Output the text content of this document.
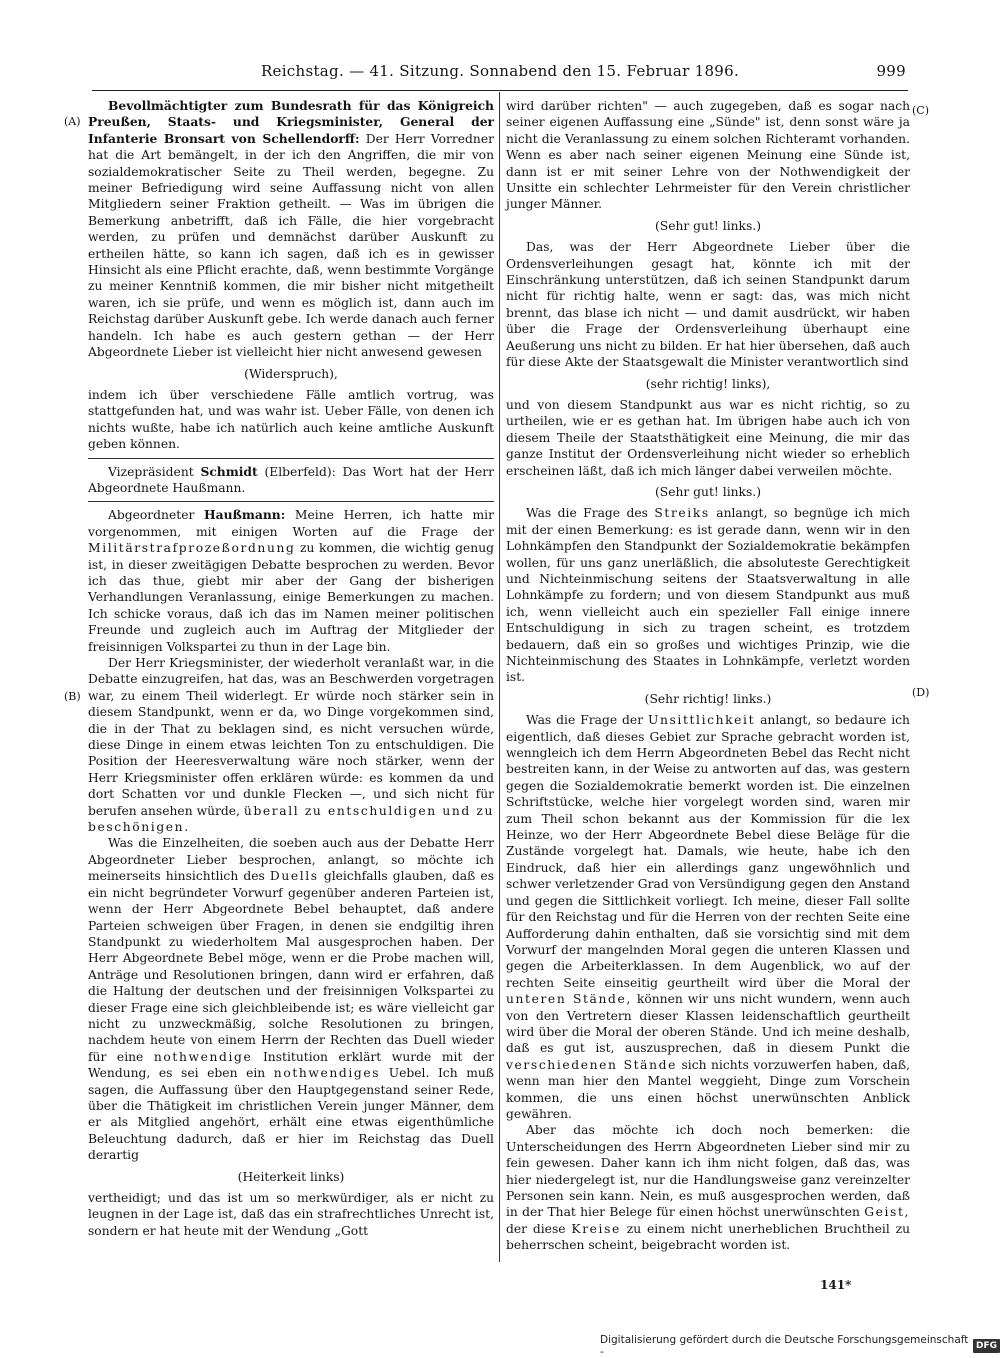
Reichstag. — 41. Sitzung. Sonnabend den 15. Februar 1896.	999
(A)
(B)
(C)
(D)

Bevollmächtigter zum Bundesrath für das Königreich Preußen, Staats- und Kriegsminister, General der Infanterie Bronsart von Schellendorff: Der Herr Vorredner hat die Art bemängelt, in der ich den Angriffen, die mir von sozialdemokratischer Seite zu Theil werden, begegne. Zu meiner Befriedigung wird seine Auffassung nicht von allen Mitgliedern seiner Fraktion getheilt. — Was im übrigen die Bemerkung anbetrifft, daß ich Fälle, die hier vorgebracht werden, zu prüfen und demnächst darüber Auskunft zu ertheilen hätte, so kann ich sagen, daß ich es in gewisser Hinsicht als eine Pflicht erachte, daß, wenn bestimmte Vorgänge zu meiner Kenntniß kommen, die mir bisher nicht mitgetheilt waren, ich sie prüfe, und wenn es möglich ist, dann auch im Reichstag darüber Auskunft gebe. Ich werde danach auch ferner handeln. Ich habe es auch gestern gethan — der Herr Abgeordnete Lieber ist vielleicht hier nicht anwesend gewesen

(Widerspruch),

indem ich über verschiedene Fälle amtlich vortrug, was stattgefunden hat, und was wahr ist. Ueber Fälle, von denen ich nichts wußte, habe ich natürlich auch keine amtliche Auskunft geben können.

Vizepräsident Schmidt (Elberfeld): Das Wort hat der Herr Abgeordnete Haußmann.

Abgeordneter Haußmann: Meine Herren, ich hatte mir vorgenommen, mit einigen Worten auf die Frage der Militärstrafprozeßordnung zu kommen, die wichtig genug ist, in dieser zweitägigen Debatte besprochen zu werden. Bevor ich das thue, giebt mir aber der Gang der bisherigen Verhandlungen Veranlassung, einige Bemerkungen zu machen. Ich schicke voraus, daß ich das im Namen meiner politischen Freunde und zugleich auch im Auftrag der Mitglieder der freisinnigen Volkspartei zu thun in der Lage bin.

Der Herr Kriegsminister, der wiederholt veranlaßt war, in die Debatte einzugreifen, hat das, was an Beschwerden vorgetragen war, zu einem Theil widerlegt. Er würde noch stärker sein in diesem Standpunkt, wenn er da, wo Dinge vorgekommen sind, die in der That zu beklagen sind, es nicht versuchen würde, diese Dinge in einem etwas leichten Ton zu entschuldigen. Die Position der Heeresverwaltung wäre noch stärker, wenn der Herr Kriegsminister offen erklären würde: es kommen da und dort Schatten vor und dunkle Flecken —, und sich nicht für berufen ansehen würde, überall zu entschuldigen und zu beschönigen.

Was die Einzelheiten, die soeben auch aus der Debatte Herr Abgeordneter Lieber besprochen, anlangt, so möchte ich meinerseits hinsichtlich des Duells gleichfalls glauben, daß es ein nicht begründeter Vorwurf gegenüber anderen Parteien ist, wenn der Herr Abgeordnete Bebel behauptet, daß andere Parteien schweigen über Fragen, in denen sie endgiltig ihren Standpunkt zu wiederholtem Mal ausgesprochen haben. Der Herr Abgeordnete Bebel möge, wenn er die Probe machen will, Anträge und Resolutionen bringen, dann wird er erfahren, daß die Haltung der deutschen und der freisinnigen Volkspartei zu dieser Frage eine sich gleichbleibende ist; es wäre vielleicht gar nicht zu unzweckmäßig, solche Resolutionen zu bringen, nachdem heute von einem Herrn der Rechten das Duell wieder für eine nothwendige Institution erklärt wurde mit der Wendung, es sei eben ein nothwendiges Uebel. Ich muß sagen, die Auffassung über den Hauptgegenstand seiner Rede, über die Thätigkeit im christlichen Verein junger Männer, dem er als Mitglied angehört, erhält eine etwas eigenthümliche Beleuchtung dadurch, daß er hier im Reichstag das Duell derartig

(Heiterkeit links)

vertheidigt; und das ist um so merkwürdiger, als er nicht zu leugnen in der Lage ist, daß das ein strafrechtliches Unrecht ist, sondern er hat heute mit der Wendung „Gott

wird darüber richten" — auch zugegeben, daß es sogar nach seiner eigenen Auffassung eine „Sünde" ist, denn sonst wäre ja nicht die Veranlassung zu einem solchen Richteramt vorhanden. Wenn es aber nach seiner eigenen Meinung eine Sünde ist, dann ist er mit seiner Lehre von der Nothwendigkeit der Unsitte ein schlechter Lehrmeister für den Verein christlicher junger Männer.

(Sehr gut! links.)

Das, was der Herr Abgeordnete Lieber über die Ordensverleihungen gesagt hat, könnte ich mit der Einschränkung unterstützen, daß ich seinen Standpunkt darum nicht für richtig halte, wenn er sagt: das, was mich nicht brennt, das blase ich nicht — und damit ausdrückt, wir haben über die Frage der Ordensverleihung überhaupt eine Aeußerung uns nicht zu bilden. Er hat hier übersehen, daß auch für diese Akte der Staatsgewalt die Minister verantwortlich sind

(sehr richtig! links),

und von diesem Standpunkt aus war es nicht richtig, so zu urtheilen, wie er es gethan hat. Im übrigen habe auch ich von diesem Theile der Staatsthätigkeit eine Meinung, die mir das ganze Institut der Ordensverleihung nicht wieder so erheblich erscheinen läßt, daß ich mich länger dabei verweilen möchte.

(Sehr gut! links.)

Was die Frage des Streiks anlangt, so begnüge ich mich mit der einen Bemerkung: es ist gerade dann, wenn wir in den Lohnkämpfen den Standpunkt der Sozialdemokratie bekämpfen wollen, für uns ganz unerläßlich, die absoluteste Gerechtigkeit und Nichteinmischung seitens der Staatsverwaltung in alle Lohnkämpfe zu fordern; und von diesem Standpunkt aus muß ich, wenn vielleicht auch ein spezieller Fall einige innere Entschuldigung in sich zu tragen scheint, es trotzdem bedauern, daß ein so großes und wichtiges Prinzip, wie die Nichteinmischung des Staates in Lohnkämpfe, verletzt worden ist.

(Sehr richtig! links.)

Was die Frage der Unsittlichkeit anlangt, so bedaure ich eigentlich, daß dieses Gebiet zur Sprache gebracht worden ist, wenngleich ich dem Herrn Abgeordneten Bebel das Recht nicht bestreiten kann, in der Weise zu antworten auf das, was gestern gegen die Sozialdemokratie bemerkt worden ist. Die einzelnen Schriftstücke, welche hier vorgelegt worden sind, waren mir zum Theil schon bekannt aus der Kommission für die lex Heinze, wo der Herr Abgeordnete Bebel diese Beläge für die Zustände vorgelegt hat. Damals, wie heute, habe ich den Eindruck, daß hier ein allerdings ganz ungewöhnlich und schwer verletzender Grad von Versündigung gegen den Anstand und gegen die Sittlichkeit vorliegt. Ich meine, dieser Fall sollte für den Reichstag und für die Herren von der rechten Seite eine Aufforderung dahin enthalten, daß sie vorsichtig sind mit dem Vorwurf der mangelnden Moral gegen die unteren Klassen und gegen die Arbeiterklassen. In dem Augenblick, wo auf der rechten Seite einseitig geurtheilt wird über die Moral der unteren Stände, können wir uns nicht wundern, wenn auch von den Vertretern dieser Klassen leidenschaftlich geurtheilt wird über die Moral der oberen Stände. Und ich meine deshalb, daß es gut ist, auszusprechen, daß in diesem Punkt die verschiedenen Stände sich nichts vorzuwerfen haben, daß, wenn man hier den Mantel weggieht, Dinge zum Vorschein kommen, die uns einen höchst unerwünschten Anblick gewähren.

Aber das möchte ich doch noch bemerken: die Unterscheidungen des Herrn Abgeordneten Lieber sind mir zu fein gewesen. Daher kann ich ihm nicht folgen, daß das, was hier niedergelegt ist, nur die Handlungsweise ganz vereinzelter Personen sein kann. Nein, es muß ausgesprochen werden, daß in der That hier Belege für einen höchst unerwünschten Geist, der diese Kreise zu einem nicht unerheblichen Bruchtheil zu beherrschen scheint, beigebracht worden ist.

141*
Digitalisierung gefördert durch die Deutsche Forschungsgemeinschaft -	DFG
